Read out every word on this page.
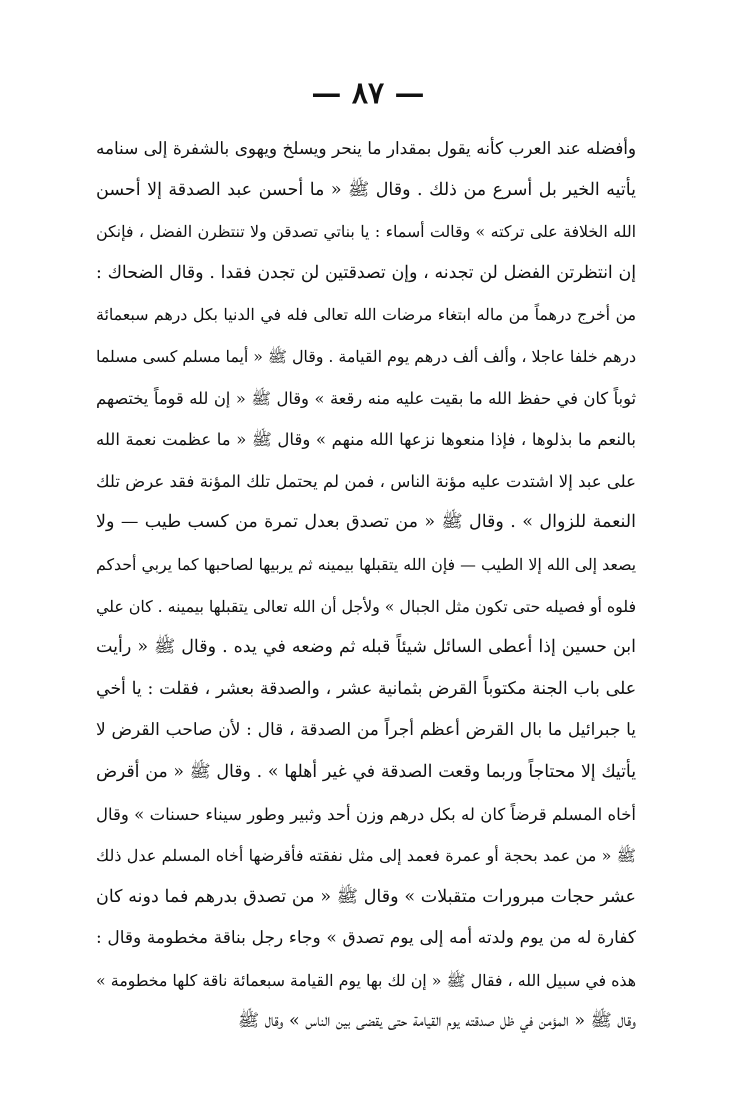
— ٨٧ —
وأفضله عند العرب كأنه يقول بمقدار ما ينحر ويسلخ ويهوى بالشفرة إلى سنامه
يأتيه الخير بل أسرع من ذلك . وقال ﷺ « ما أحسن عبد الصدقة إلا أحسن
الله الخلافة على تركته » وقالت أسماء : يا بناتي تصدقن ولا تنتظرن الفضل ، فإنكن
إن انتظرتن الفضل لن تجدنه ، وإن تصدقتين لن تجدن فقدا . وقال الضحاك :
من أخرج درهماً من ماله ابتغاء مرضات الله تعالى فله في الدنيا بكل درهم سبعمائة
درهم خلفا عاجلا ، وألف ألف درهم يوم القيامة . وقال ﷺ « أيما مسلم كسى مسلما
ثوباً كان في حفظ الله ما بقيت عليه منه رقعة » وقال ﷺ « إن لله قوماً يختصهم
بالنعم ما بذلوها ، فإذا منعوها نزعها الله منهم » وقال ﷺ « ما عظمت نعمة الله
على عبد إلا اشتدت عليه مؤنة الناس ، فمن لم يحتمل تلك المؤنة فقد عرض تلك
النعمة للزوال » . وقال ﷺ « من تصدق بعدل تمرة من كسب طيب — ولا
يصعد إلى الله إلا الطيب — فإن الله يتقبلها بيمينه ثم يربيها لصاحبها كما يربي أحدكم
فلوه أو فصيله حتى تكون مثل الجبال » ولأجل أن الله تعالى يتقبلها بيمينه . كان علي
ابن حسين إذا أعطى السائل شيئاً قبله ثم وضعه في يده . وقال ﷺ « رأيت
على باب الجنة مكتوباً القرض بثمانية عشر ، والصدقة بعشر ، فقلت : يا أخي
يا جبرائيل ما بال القرض أعظم أجراً من الصدقة ، قال : لأن صاحب القرض لا
يأتيك إلا محتاجاً وربما وقعت الصدقة في غير أهلها » . وقال ﷺ « من أقرض
أخاه المسلم قرضاً كان له بكل درهم وزن أحد وثبير وطور سيناء حسنات » وقال
ﷺ « من عمد بحجة أو عمرة فعمد إلى مثل نفقته فأقرضها أخاه المسلم عدل ذلك
عشر حجات مبرورات متقبلات » وقال ﷺ « من تصدق بدرهم فما دونه كان
كفارة له من يوم ولدته أمه إلى يوم تصدق » وجاء رجل بناقة مخطومة وقال :
هذه في سبيل الله ، فقال ﷺ « إن لك بها يوم القيامة سبعمائة ناقة كلها مخطومة »
وقال ﷺ « المؤمن في ظل صدقته يوم القيامة حتى يقضى بين الناس » وقال ﷺ
